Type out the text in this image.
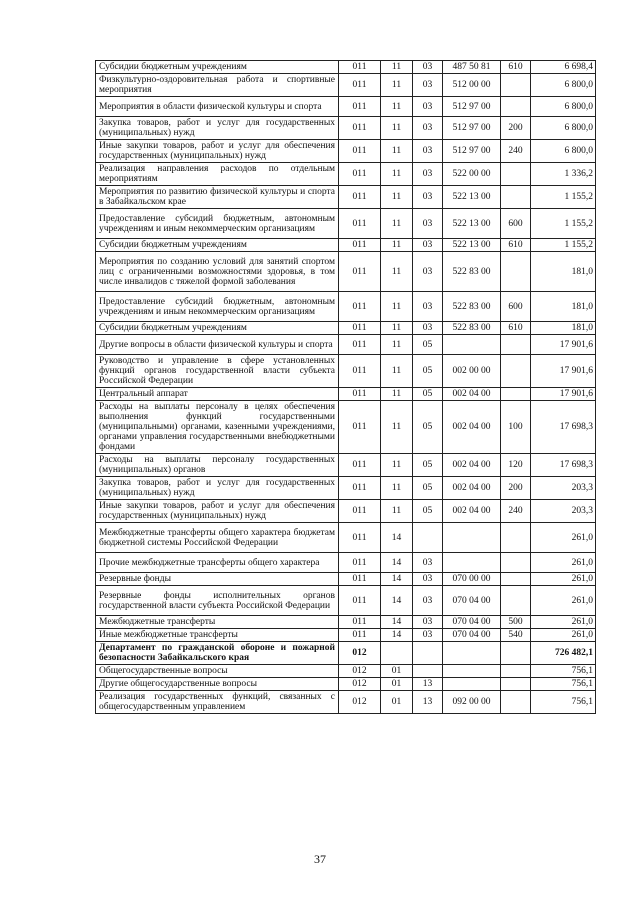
Субсидии бюджетным учреждениям	011	11	03	487 50 81	610	6 698,4
Физкультурно-оздоровительная работа и спортивные мероприятия	011	11	03	512 00 00		6 800,0
Мероприятия в области физической культуры и спорта	011	11	03	512 97 00		6 800,0
Закупка товаров, работ и услуг для государственных (муниципальных) нужд	011	11	03	512 97 00	200	6 800,0
Иные закупки товаров, работ и услуг для обеспечения государственных (муниципальных) нужд	011	11	03	512 97 00	240	6 800,0
Реализация направления расходов по отдельным мероприятиям	011	11	03	522 00 00		1 336,2
Мероприятия по развитию физической культуры и спорта в Забайкальском крае	011	11	03	522 13 00		1 155,2
Предоставление субсидий бюджетным, автономным учреждениям и иным некоммерческим организациям	011	11	03	522 13 00	600	1 155,2
Субсидии бюджетным учреждениям	011	11	03	522 13 00	610	1 155,2
Мероприятия по созданию условий для занятий спортом лиц с ограниченными возможностями здоровья, в том числе инвалидов с тяжелой формой заболевания	011	11	03	522 83 00		181,0
Предоставление субсидий бюджетным, автономным учреждениям и иным некоммерческим организациям	011	11	03	522 83 00	600	181,0
Субсидии бюджетным учреждениям	011	11	03	522 83 00	610	181,0
Другие вопросы в области физической культуры и спорта	011	11	05			17 901,6
Руководство и управление в сфере установленных функций органов государственной власти субъекта Российской Федерации	011	11	05	002 00 00		17 901,6
Центральный аппарат	011	11	05	002 04 00		17 901,6
Расходы на выплаты персоналу в целях обеспечения выполнения функций государственными (муниципальными) органами, казенными учреждениями, органами управления государственными внебюджетными фондами	011	11	05	002 04 00	100	17 698,3
Расходы на выплаты персоналу государственных (муниципальных) органов	011	11	05	002 04 00	120	17 698,3
Закупка товаров, работ и услуг для государственных (муниципальных) нужд	011	11	05	002 04 00	200	203,3
Иные закупки товаров, работ и услуг для обеспечения государственных (муниципальных) нужд	011	11	05	002 04 00	240	203,3
Межбюджетные трансферты общего характера бюджетам бюджетной системы Российской Федерации	011	14				261,0
Прочие межбюджетные трансферты общего характера	011	14	03			261,0
Резервные фонды	011	14	03	070 00 00		261,0
Резервные фонды исполнительных органов государственной власти субъекта Российской Федерации	011	14	03	070 04 00		261,0
Межбюджетные трансферты	011	14	03	070 04 00	500	261,0
Иные межбюджетные трансферты	011	14	03	070 04 00	540	261,0
Департамент по гражданской обороне и пожарной безопасности Забайкальского края	012					726 482,1
Общегосударственные вопросы	012	01				756,1
Другие общегосударственные вопросы	012	01	13			756,1
Реализация государственных функций, связанных с общегосударственным управлением	012	01	13	092 00 00		756,1
37
